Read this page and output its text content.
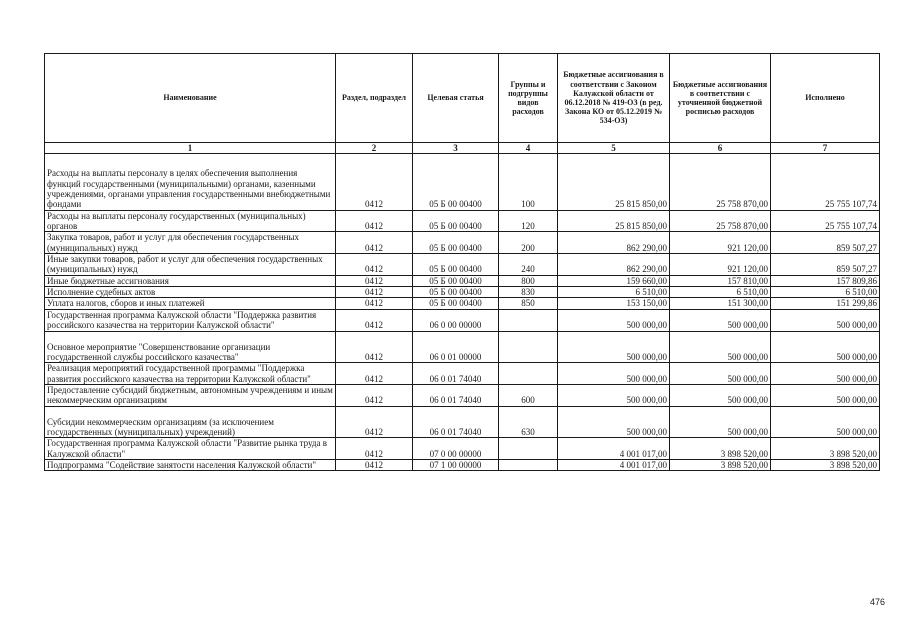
Наименование	Раздел, подраздел	Целевая статья	Группы и подгруппы видов расходов	Бюджетные ассигнования в соответствии с Законом Калужской области от 06.12.2018 № 419-ОЗ (в ред. Закона КО от 05.12.2019 № 534-ОЗ)	Бюджетные ассигнования в соответствии с уточненной бюджетной росписью расходов	Исполнено
1	2	3	4	5	6	7

Расходы на выплаты персоналу в целях обеспечения выполнения функций государственными (муниципальными) органами, казенными учреждениями, органами управления государственными внебюджетными фондами	0412	05 Б 00 00400	100	25 815 850,00	25 758 870,00	25 755 107,74
Расходы на выплаты персоналу государственных (муниципальных) органов	0412	05 Б 00 00400	120	25 815 850,00	25 758 870,00	25 755 107,74
Закупка товаров, работ и услуг для обеспечения государственных (муниципальных) нужд	0412	05 Б 00 00400	200	862 290,00	921 120,00	859 507,27
Иные закупки товаров, работ и услуг для обеспечения государственных (муниципальных) нужд	0412	05 Б 00 00400	240	862 290,00	921 120,00	859 507,27
Иные бюджетные ассигнования	0412	05 Б 00 00400	800	159 660,00	157 810,00	157 809,86
Исполнение судебных актов	0412	05 Б 00 00400	830	6 510,00	6 510,00	6 510,00
Уплата налогов, сборов и иных платежей	0412	05 Б 00 00400	850	153 150,00	151 300,00	151 299,86
Государственная программа Калужской области "Поддержка развития российского казачества на территории Калужской области"	0412	06 0 00 00000		500 000,00	500 000,00	500 000,00
Основное мероприятие "Совершенствование организации государственной службы российского казачества"	0412	06 0 01 00000		500 000,00	500 000,00	500 000,00
Реализация мероприятий государственной программы "Поддержка развития российского казачества на территории Калужской области"	0412	06 0 01 74040		500 000,00	500 000,00	500 000,00
Предоставление субсидий бюджетным, автономным учреждениям и иным некоммерческим организациям	0412	06 0 01 74040	600	500 000,00	500 000,00	500 000,00
Субсидии некоммерческим организациям (за исключением государственных (муниципальных) учреждений)	0412	06 0 01 74040	630	500 000,00	500 000,00	500 000,00
Государственная программа Калужской области "Развитие рынка труда в Калужской области"	0412	07 0 00 00000		4 001 017,00	3 898 520,00	3 898 520,00
Подпрограмма "Содействие занятости населения Калужской области"	0412	07 1 00 00000		4 001 017,00	3 898 520,00	3 898 520,00
476
